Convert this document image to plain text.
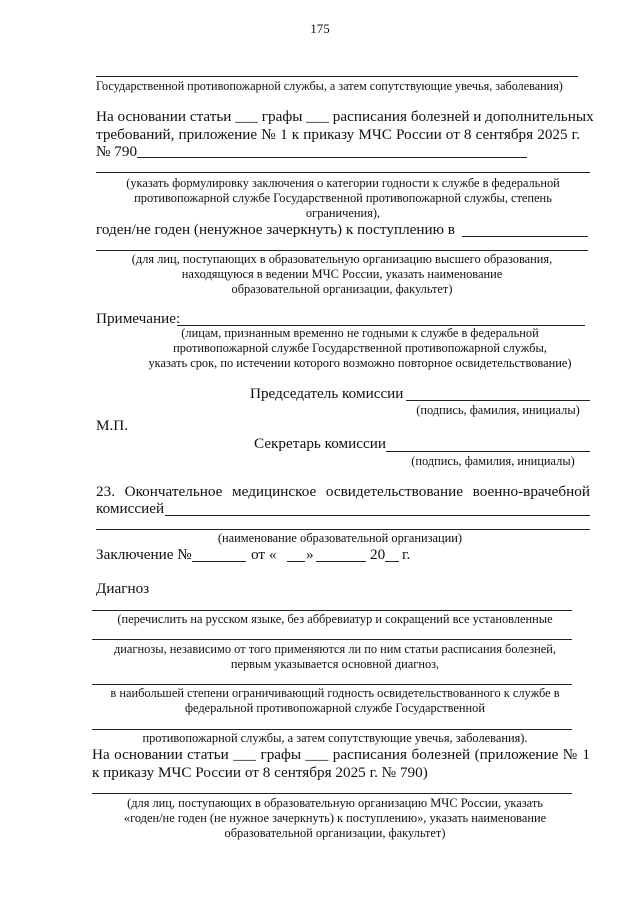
175
Государственной противопожарной службы, а затем сопутствующие увечья, заболевания)
На основании статьи ___ графы ___ расписания болезней и дополнительных
требований, приложение № 1 к приказу МЧС России от 8 сентября 2025 г.
№ 790
(указать формулировку заключения о категории годности к службе в федеральной
противопожарной службе Государственной противопожарной службы, степень
ограничения),
годен/не годен (ненужное зачеркнуть) к поступлению в
(для лиц, поступающих в образовательную организацию высшего образования,
находящуюся в ведении МЧС России, указать наименование
образовательной организации, факультет)
Примечание:
(лицам, признанным временно не годными к службе в федеральной
противопожарной службе Государственной противопожарной службы,
указать срок, по истечении которого возможно повторное освидетельствование)
Председатель комиссии
(подпись, фамилия, инициалы)
М.П.
Секретарь комиссии
(подпись, фамилия, инициалы)
23. Окончательное медицинское освидетельствование военно-врачебной
комиссией
(наименование образовательной организации)
Заключение №	от « »	20 г.
Диагноз
(перечислить на русском языке, без аббревиатур и сокращений все установленные
диагнозы, независимо от того применяются ли по ним статьи расписания болезней,
первым указывается основной диагноз,
в наибольшей степени ограничивающий годность освидетельствованного к службе в
федеральной противопожарной службе Государственной
противопожарной службы, а затем сопутствующие увечья, заболевания).
На основании статьи ___ графы ___ расписания болезней (приложение № 1
к приказу МЧС России от 8 сентября 2025 г. № 790)
(для лиц, поступающих в образовательную организацию МЧС России, указать
«годен/не годен (не нужное зачеркнуть) к поступлению», указать наименование
образовательной организации, факультет)
